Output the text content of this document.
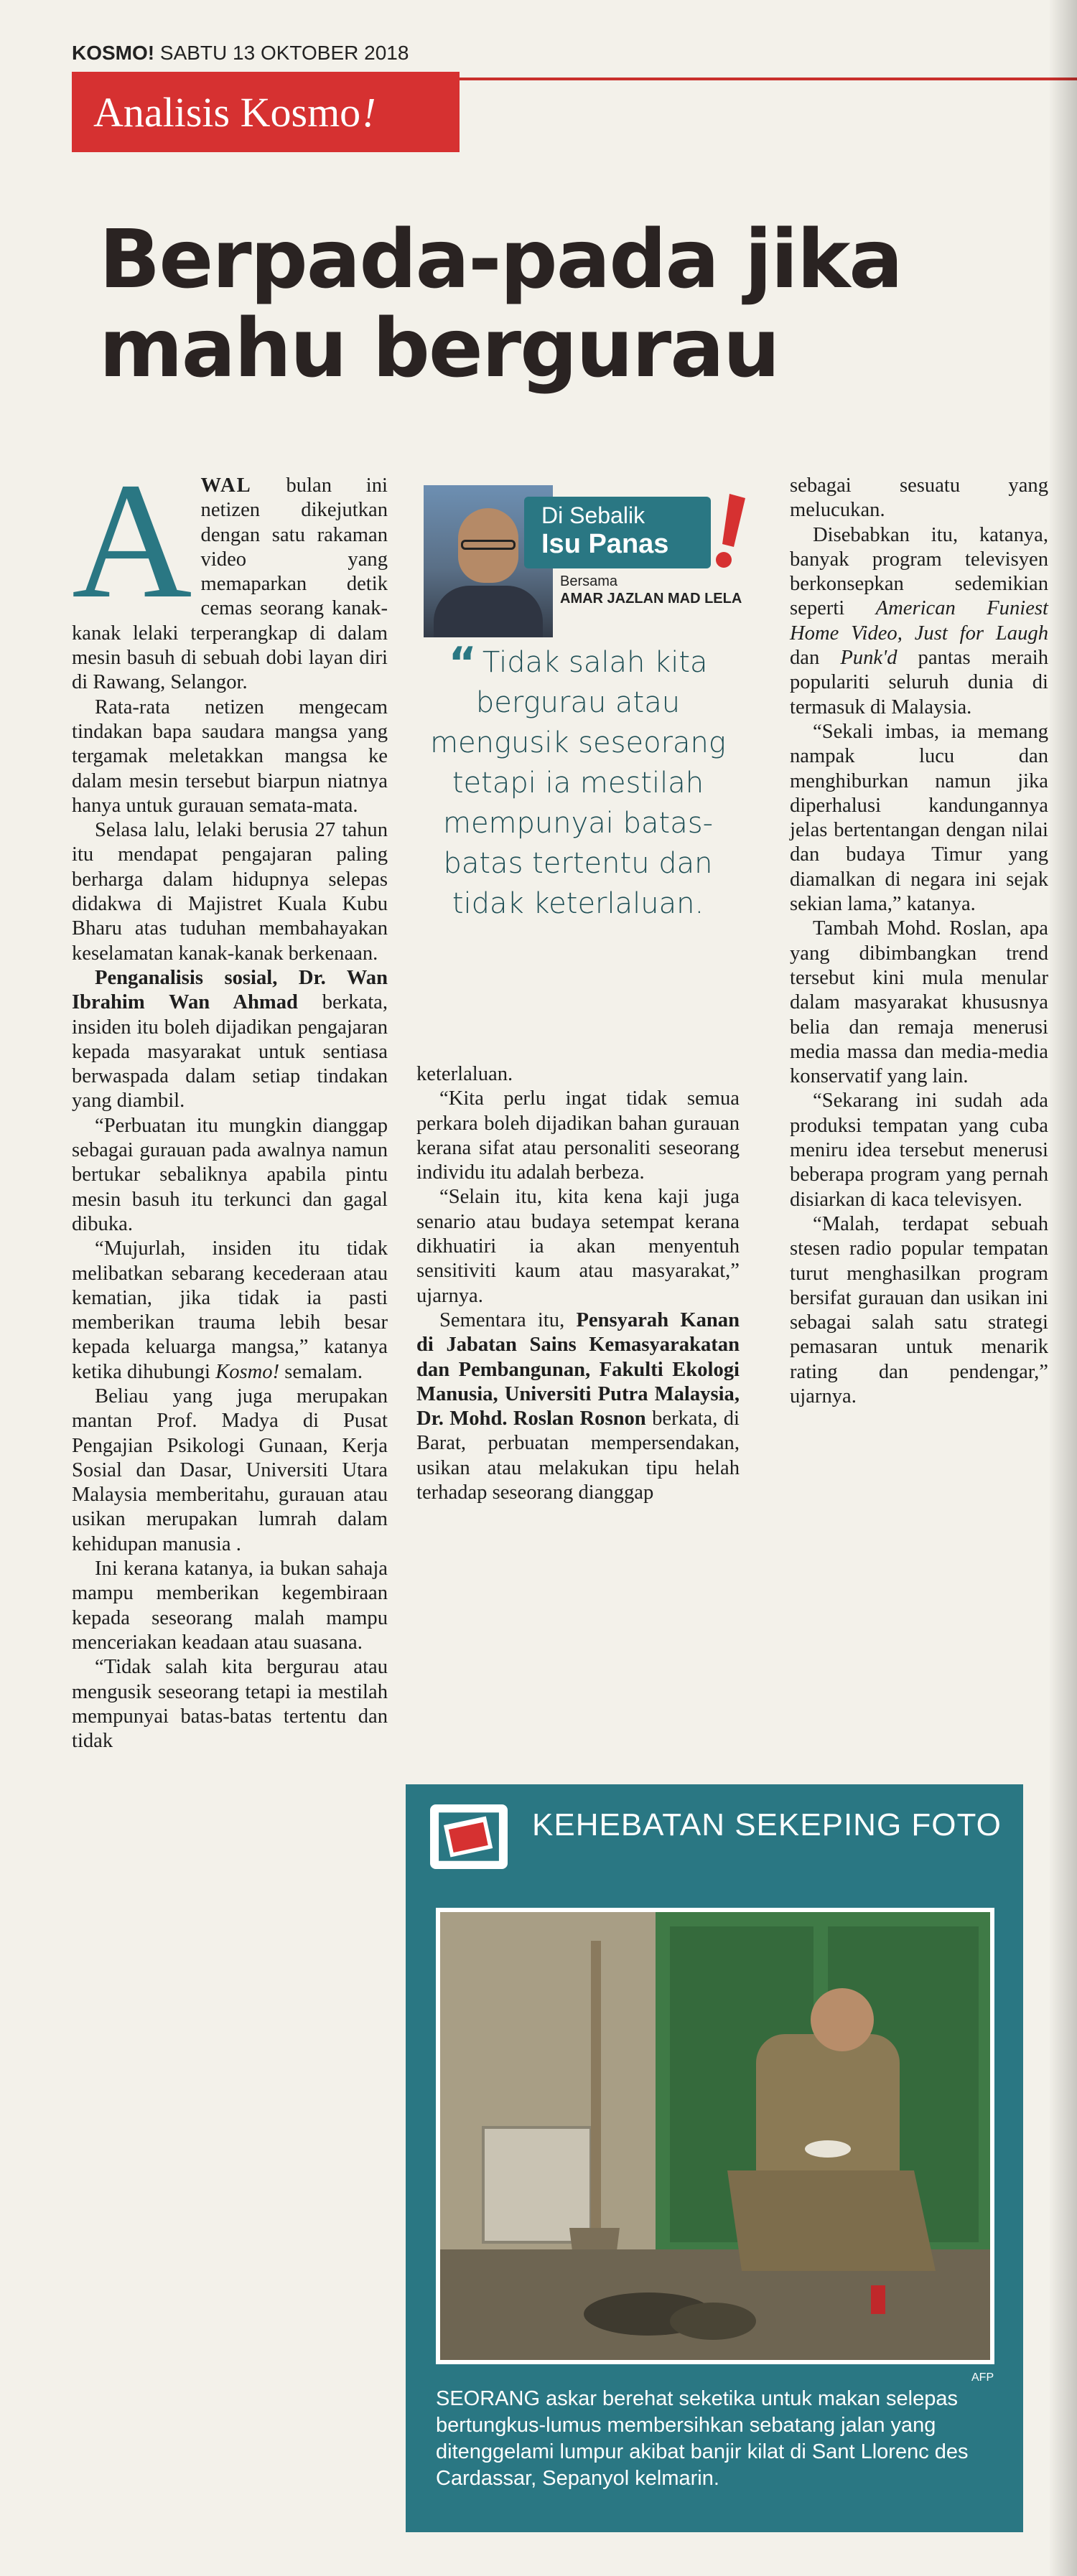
KOSMO! SABTU 13 OKTOBER 2018
Analisis Kosmo !
Berpada-pada jika
mahu bergurau

AWAL bulan ini netizen dikejutkan dengan satu rakaman video yang memaparkan detik cemas seorang kanak-kanak lelaki terperangkap di dalam mesin basuh di sebuah dobi layan diri di Rawang, Selangor.

Rata-rata netizen mengecam tindakan bapa saudara mangsa yang tergamak meletakkan mangsa ke dalam mesin tersebut biarpun niatnya hanya untuk gurauan semata-mata.

Selasa lalu, lelaki berusia 27 tahun itu mendapat pengajaran paling berharga dalam hidupnya selepas didakwa di Majistret Kuala Kubu Bharu atas tuduhan membahayakan keselamatan kanak-kanak berkenaan.

Penganalisis sosial, Dr. Wan Ibrahim Wan Ahmad berkata, insiden itu boleh dijadikan pengajaran kepada masyarakat untuk sentiasa berwaspada dalam setiap tindakan yang diambil.

“Perbuatan itu mungkin dianggap sebagai gurauan pada awalnya namun bertukar sebaliknya apabila pintu mesin basuh itu terkunci dan gagal dibuka.

“Mujurlah, insiden itu tidak melibatkan sebarang kecederaan atau kematian, jika tidak ia pasti memberikan trauma lebih besar kepada keluarga mangsa,” katanya ketika dihubungi Kosmo! semalam.

Beliau yang juga merupakan mantan Prof. Madya di Pusat Pengajian Psikologi Gunaan, Kerja Sosial dan Dasar, Universiti Utara Malaysia memberitahu, gurauan atau usikan merupakan lumrah dalam kehidupan manusia .

Ini kerana katanya, ia bukan sahaja mampu memberikan kegembiraan kepada seseorang malah mampu menceriakan keadaan atau suasana.

“Tidak salah kita bergurau atau mengusik seseorang tetapi ia mestilah mempunyai batas-batas tertentu dan tidak

Di Sebalik
Isu Panas
Bersama
AMAR JAZLAN MAD LELA
“ Tidak salah kita bergurau atau mengusik seseorang tetapi ia mestilah mempunyai batas-batas tertentu dan tidak keterlaluan.

keterlaluan.

“Kita perlu ingat tidak semua perkara boleh dijadikan bahan gurauan kerana sifat atau personaliti seseorang individu itu adalah berbeza.

“Selain itu, kita kena kaji juga senario atau budaya setempat kerana dikhuatiri ia akan menyentuh sensitiviti kaum atau masyarakat,” ujarnya.

Sementara itu, Pensyarah Kanan di Jabatan Sains Kemasyarakatan dan Pembangunan, Fakulti Ekologi Manusia, Universiti Putra Malaysia, Dr. Mohd. Roslan Rosnon berkata, di Barat, perbuatan mempersendakan, usikan atau melakukan tipu helah terhadap seseorang dianggap

sebagai sesuatu yang melucukan.

Disebabkan itu, katanya, banyak program televisyen berkonsepkan sedemikian seperti American Funiest Home Video, Just for Laugh dan Punk'd pantas meraih populariti seluruh dunia di termasuk di Malaysia.

“Sekali imbas, ia memang nampak lucu dan menghiburkan namun jika diperhalusi kandungannya jelas bertentangan dengan nilai dan budaya Timur yang diamalkan di negara ini sejak sekian lama,” katanya.

Tambah Mohd. Roslan, apa yang dibimbangkan trend tersebut kini mula menular dalam masyarakat khususnya belia dan remaja menerusi media massa dan media-media konservatif yang lain.

“Sekarang ini sudah ada produksi tempatan yang cuba meniru idea tersebut menerusi beberapa program yang pernah disiarkan di kaca televisyen.

“Malah, terdapat sebuah stesen radio popular tempatan turut menghasilkan program bersifat gurauan dan usikan ini sebagai salah satu strategi pemasaran untuk menarik rating dan pendengar,” ujarnya.

KEHEBATAN SEKEPING FOTO
AFP
SEORANG askar berehat seketika untuk makan selepas bertungkus-lumus membersihkan sebatang jalan yang ditenggelami lumpur akibat banjir kilat di Sant Llorenc des Cardassar, Sepanyol kelmarin.
